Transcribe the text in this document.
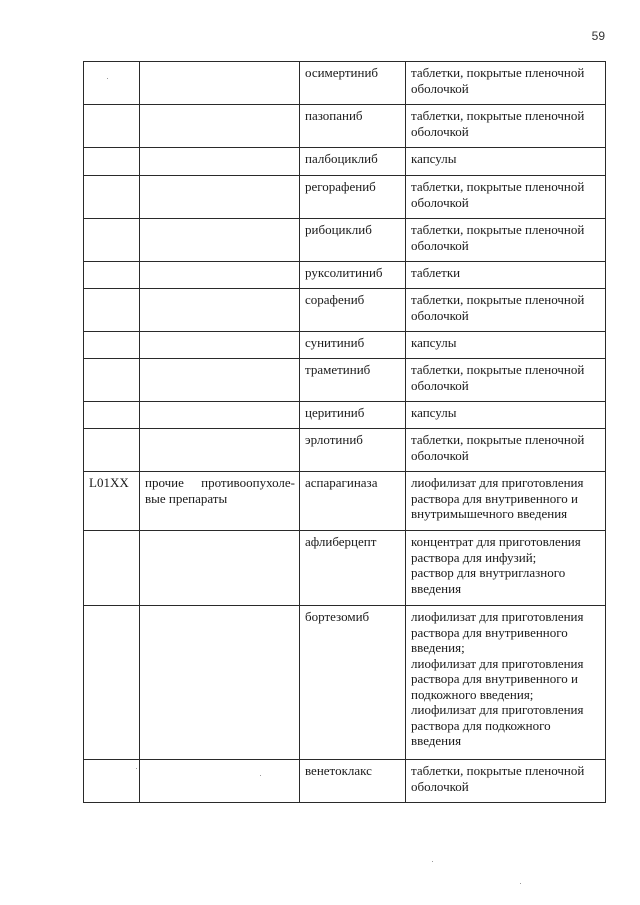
59
		осимертиниб	таблетки, покрытые пленочной оболочкой
		пазопаниб	таблетки, покрытые пленочной оболочкой
		палбоциклиб	капсулы
		регорафениб	таблетки, покрытые пленочной оболочкой
		рибоциклиб	таблетки, покрытые пленочной оболочкой
		руксолитиниб	таблетки
		сорафениб	таблетки, покрытые пленочной оболочкой
		сунитиниб	капсулы
		траметиниб	таблетки, покрытые пленочной оболочкой
		церитиниб	капсулы
		эрлотиниб	таблетки, покрытые пленочной оболочкой
L01XX	прочие противоопухоле-вые препараты	аспарагиназа	лиофилизат для приготовления раствора для внутривенного и внутримышечного введения
		афлиберцепт	концентрат для приготовления раствора для инфузий;
раствор для внутриглазного введения
		бортезомиб	лиофилизат для приготовления раствора для внутривенного введения;
лиофилизат для приготовления раствора для внутривенного и подкожного введения;
лиофилизат для приготовления раствора для подкожного введения
		венетоклакс	таблетки, покрытые пленочной оболочкой
